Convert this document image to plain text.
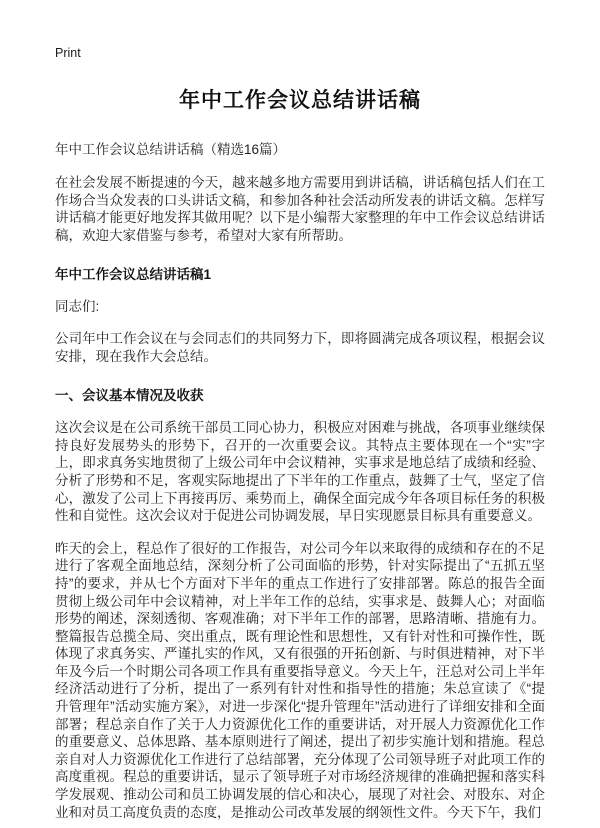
Print
年中工作会议总结讲话稿

年中工作会议总结讲话稿（精选16篇）

在社会发展不断提速的今天，越来越多地方需要用到讲话稿，讲话稿包括人们在工作场合当众发表的口头讲话文稿，和参加各种社会活动所发表的讲话文稿。怎样写讲话稿才能更好地发挥其做用呢？以下是小编帮大家整理的年中工作会议总结讲话稿，欢迎大家借鉴与参考，希望对大家有所帮助。

年中工作会议总结讲话稿1

同志们:

公司年中工作会议在与会同志们的共同努力下，即将圆满完成各项议程，根据会议安排，现在我作大会总结。

一、会议基本情况及收获

这次会议是在公司系统干部员工同心协力，积极应对困难与挑战，各项事业继续保持良好发展势头的形势下，召开的一次重要会议。其特点主要体现在一个“实”字上，即求真务实地贯彻了上级公司年中会议精神，实事求是地总结了成绩和经验、分析了形势和不足，客观实际地提出了下半年的工作重点，鼓舞了士气，坚定了信心，激发了公司上下再接再厉、乘势而上，确保全面完成今年各项目标任务的积极性和自觉性。这次会议对于促进公司协调发展，早日实现愿景目标具有重要意义。

昨天的会上，程总作了很好的工作报告，对公司今年以来取得的成绩和存在的不足进行了客观全面地总结，深刻分析了公司面临的形势，针对实际提出了“五抓五坚持”的要求，并从七个方面对下半年的重点工作进行了安排部署。陈总的报告全面贯彻上级公司年中会议精神，对上半年工作的总结，实事求是、鼓舞人心；对面临形势的阐述，深刻透彻、客观准确；对下半年工作的部署，思路清晰、措施有力。整篇报告总揽全局、突出重点，既有理论性和思想性，又有针对性和可操作性，既体现了求真务实、严谨扎实的作风，又有很强的开拓创新、与时俱进精神，对下半年及今后一个时期公司各项工作具有重要指导意义。今天上午，汪总对公司上半年经济活动进行了分析，提出了一系列有针对性和指导性的措施；朱总宣读了《“提升管理年”活动实施方案》，对进一步深化“提升管理年”活动进行了详细安排和全面部署；程总亲自作了关于人力资源优化工作的重要讲话，对开展人力资源优化工作的重要意义、总体思路、基本原则进行了阐述，提出了初步实施计划和措施。程总亲自对人力资源优化工作进行了总结部署，充分体现了公司领导班子对此项工作的高度重视。程总的重要讲话，显示了领导班子对市场经济规律的准确把握和落实科学发展观、推动公司和员工协调发展的信心和决心，展现了对社会、对股东、对企业和对员工高度负责的态度，是推动公司改革发展的纲领性文件。今天下午，我们
